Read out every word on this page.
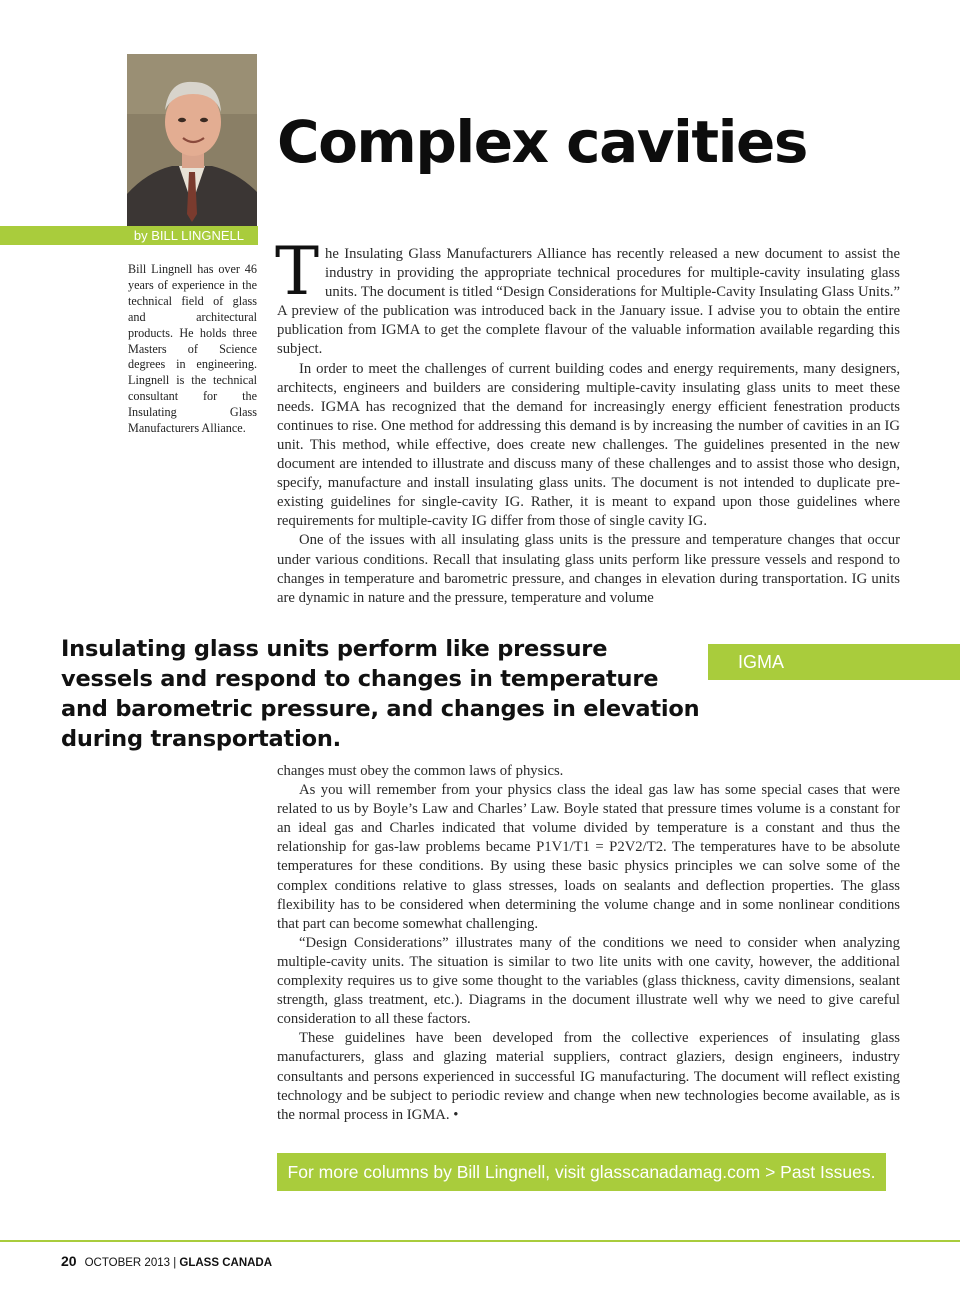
by BILL LINGNELL
Complex cavities
Bill Lingnell has over 46 years of experience in the technical field of glass and architectural products. He holds three Masters of Science degrees in engineering. Lingnell is the technical consultant for the Insulating Glass Manufacturers Alliance.

The Insulating Glass Manufacturers Alliance has recently released a new document to assist the industry in providing the appropriate technical procedures for multiple-cavity insulating glass units. The document is titled “Design Considerations for Multiple-Cavity Insulating Glass Units.” A preview of the publication was introduced back in the January issue. I advise you to obtain the entire publication from IGMA to get the complete flavour of the valuable information available regarding this subject.

In order to meet the challenges of current building codes and energy requirements, many designers, architects, engineers and builders are considering multiple-cavity insulating glass units to meet these needs. IGMA has recognized that the demand for increasingly energy efficient fenestration products continues to rise. One method for addressing this demand is by increasing the number of cavities in an IG unit. This method, while effective, does create new challenges. The guidelines presented in the new document are intended to illustrate and discuss many of these challenges and to assist those who design, specify, manufacture and install insulating glass units. The document is not intended to duplicate pre-existing guidelines for single-cavity IG. Rather, it is meant to expand upon those guidelines where requirements for multiple-cavity IG differ from those of single cavity IG.

One of the issues with all insulating glass units is the pressure and temperature changes that occur under various conditions. Recall that insulating glass units perform like pressure vessels and respond to changes in temperature and barometric pressure, and changes in elevation during transportation. IG units are dynamic in nature and the pressure, temperature and volume

Insulating glass units perform like pressure vessels and respond to changes in temperature and barometric pressure, and changes in elevation during transportation.
IGMA

changes must obey the common laws of physics.

As you will remember from your physics class the ideal gas law has some special cases that were related to us by Boyle’s Law and Charles’ Law. Boyle stated that pressure times volume is a constant for an ideal gas and Charles indicated that volume divided by temperature is a constant and thus the relationship for gas-law problems became P1V1/T1 = P2V2/T2. The temperatures have to be absolute temperatures for these conditions. By using these basic physics principles we can solve some of the complex conditions relative to glass stresses, loads on sealants and deflection properties. The glass flexibility has to be considered when determining the volume change and in some nonlinear conditions that part can become somewhat challenging.

“Design Considerations” illustrates many of the conditions we need to consider when analyzing multiple-cavity units. The situation is similar to two lite units with one cavity, however, the additional complexity requires us to give some thought to the variables (glass thickness, cavity dimensions, sealant strength, glass treatment, etc.). Diagrams in the document illustrate well why we need to give careful consideration to all these factors.

These guidelines have been developed from the collective experiences of insulating glass manufacturers, glass and glazing material suppliers, contract glaziers, design engineers, industry consultants and persons experienced in successful IG manufacturing. The document will reflect existing technology and be subject to periodic review and change when new technologies become available, as is the normal process in IGMA. •

For more columns by Bill Lingnell, visit glasscanadamag.com > Past Issues.
20 OCTOBER 2013 | GLASS CANADA
